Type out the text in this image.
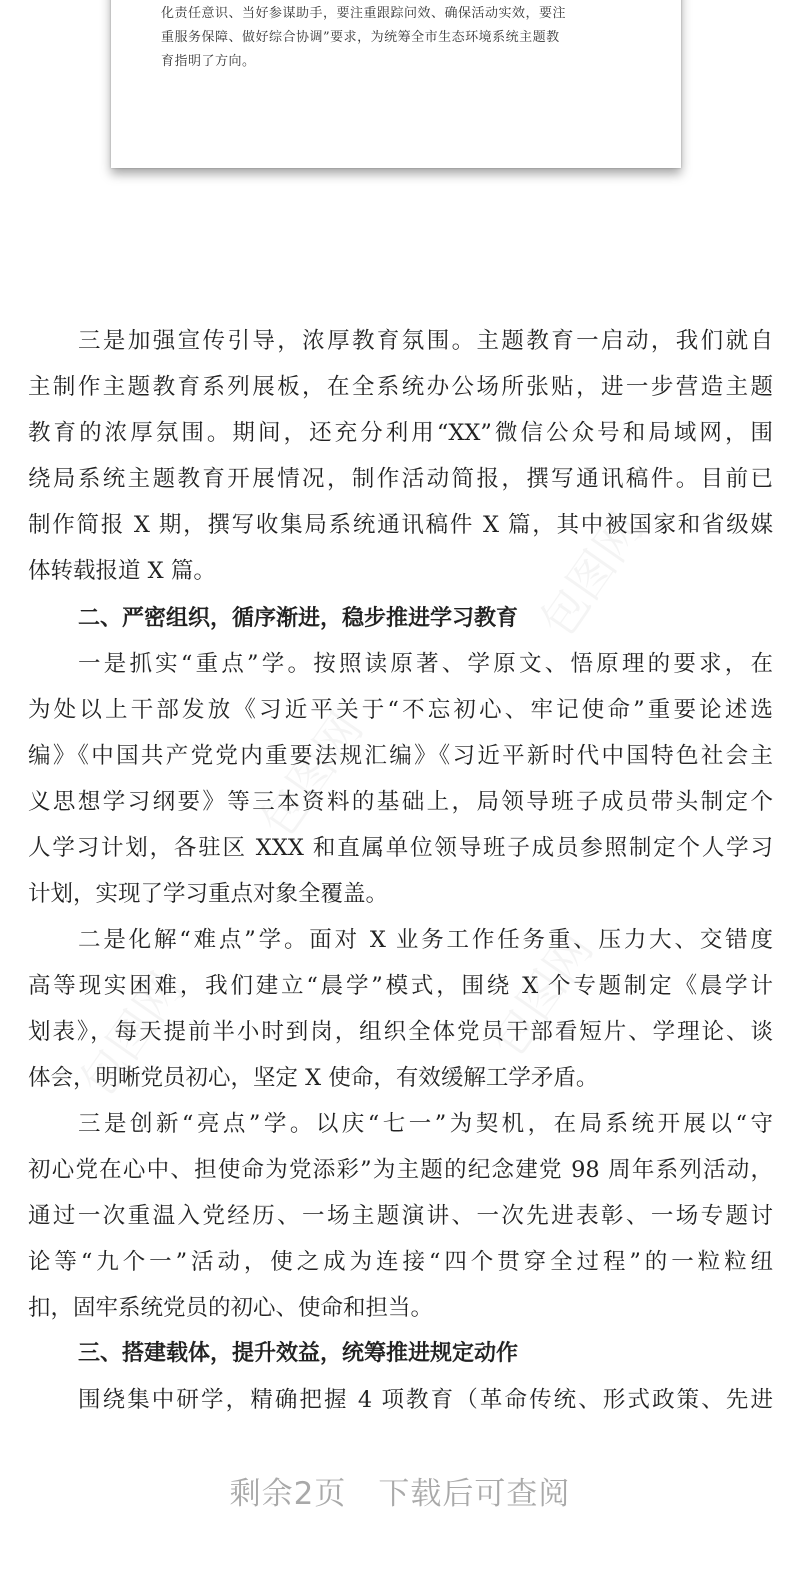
化责任意识、当好参谋助手，要注重跟踪问效、确保活动实效，要注
重服务保障、做好综合协调”要求，为统筹全市生态环境系统主题教
育指明了方向。
三是加强宣传引导，浓厚教育氛围。主题教育一启动，我们就自
主制作主题教育系列展板，在全系统办公场所张贴，进一步营造主题
教育的浓厚氛围。期间，还充分利用“XX”微信公众号和局域网，围
绕局系统主题教育开展情况，制作活动简报，撰写通讯稿件。目前已
制作简报 X 期，撰写收集局系统通讯稿件 X 篇，其中被国家和省级媒
体转载报道 X 篇。
二、严密组织，循序渐进，稳步推进学习教育
一是抓实“重点”学。按照读原著、学原文、悟原理的要求，在
为处以上干部发放《习近平关于“不忘初心、牢记使命”重要论述选
编》《中国共产党党内重要法规汇编》《习近平新时代中国特色社会主
义思想学习纲要》等三本资料的基础上，局领导班子成员带头制定个
人学习计划，各驻区 XXX 和直属单位领导班子成员参照制定个人学习
计划，实现了学习重点对象全覆盖。
二是化解“难点”学。面对 X 业务工作任务重、压力大、交错度
高等现实困难，我们建立“晨学”模式，围绕 X 个专题制定《晨学计
划表》，每天提前半小时到岗，组织全体党员干部看短片、学理论、谈
体会，明晰党员初心，坚定 X 使命，有效缓解工学矛盾。
三是创新“亮点”学。以庆“七一”为契机，在局系统开展以“守
初心党在心中、担使命为党添彩”为主题的纪念建党 98 周年系列活动，
通过一次重温入党经历、一场主题演讲、一次先进表彰、一场专题讨
论等“九个一”活动，使之成为连接“四个贯穿全过程”的一粒粒纽
扣，固牢系统党员的初心、使命和担当。
三、搭建载体，提升效益，统筹推进规定动作
围绕集中研学，精确把握 4 项教育（革命传统、形式政策、先进
剩余2页　下载后可查阅
